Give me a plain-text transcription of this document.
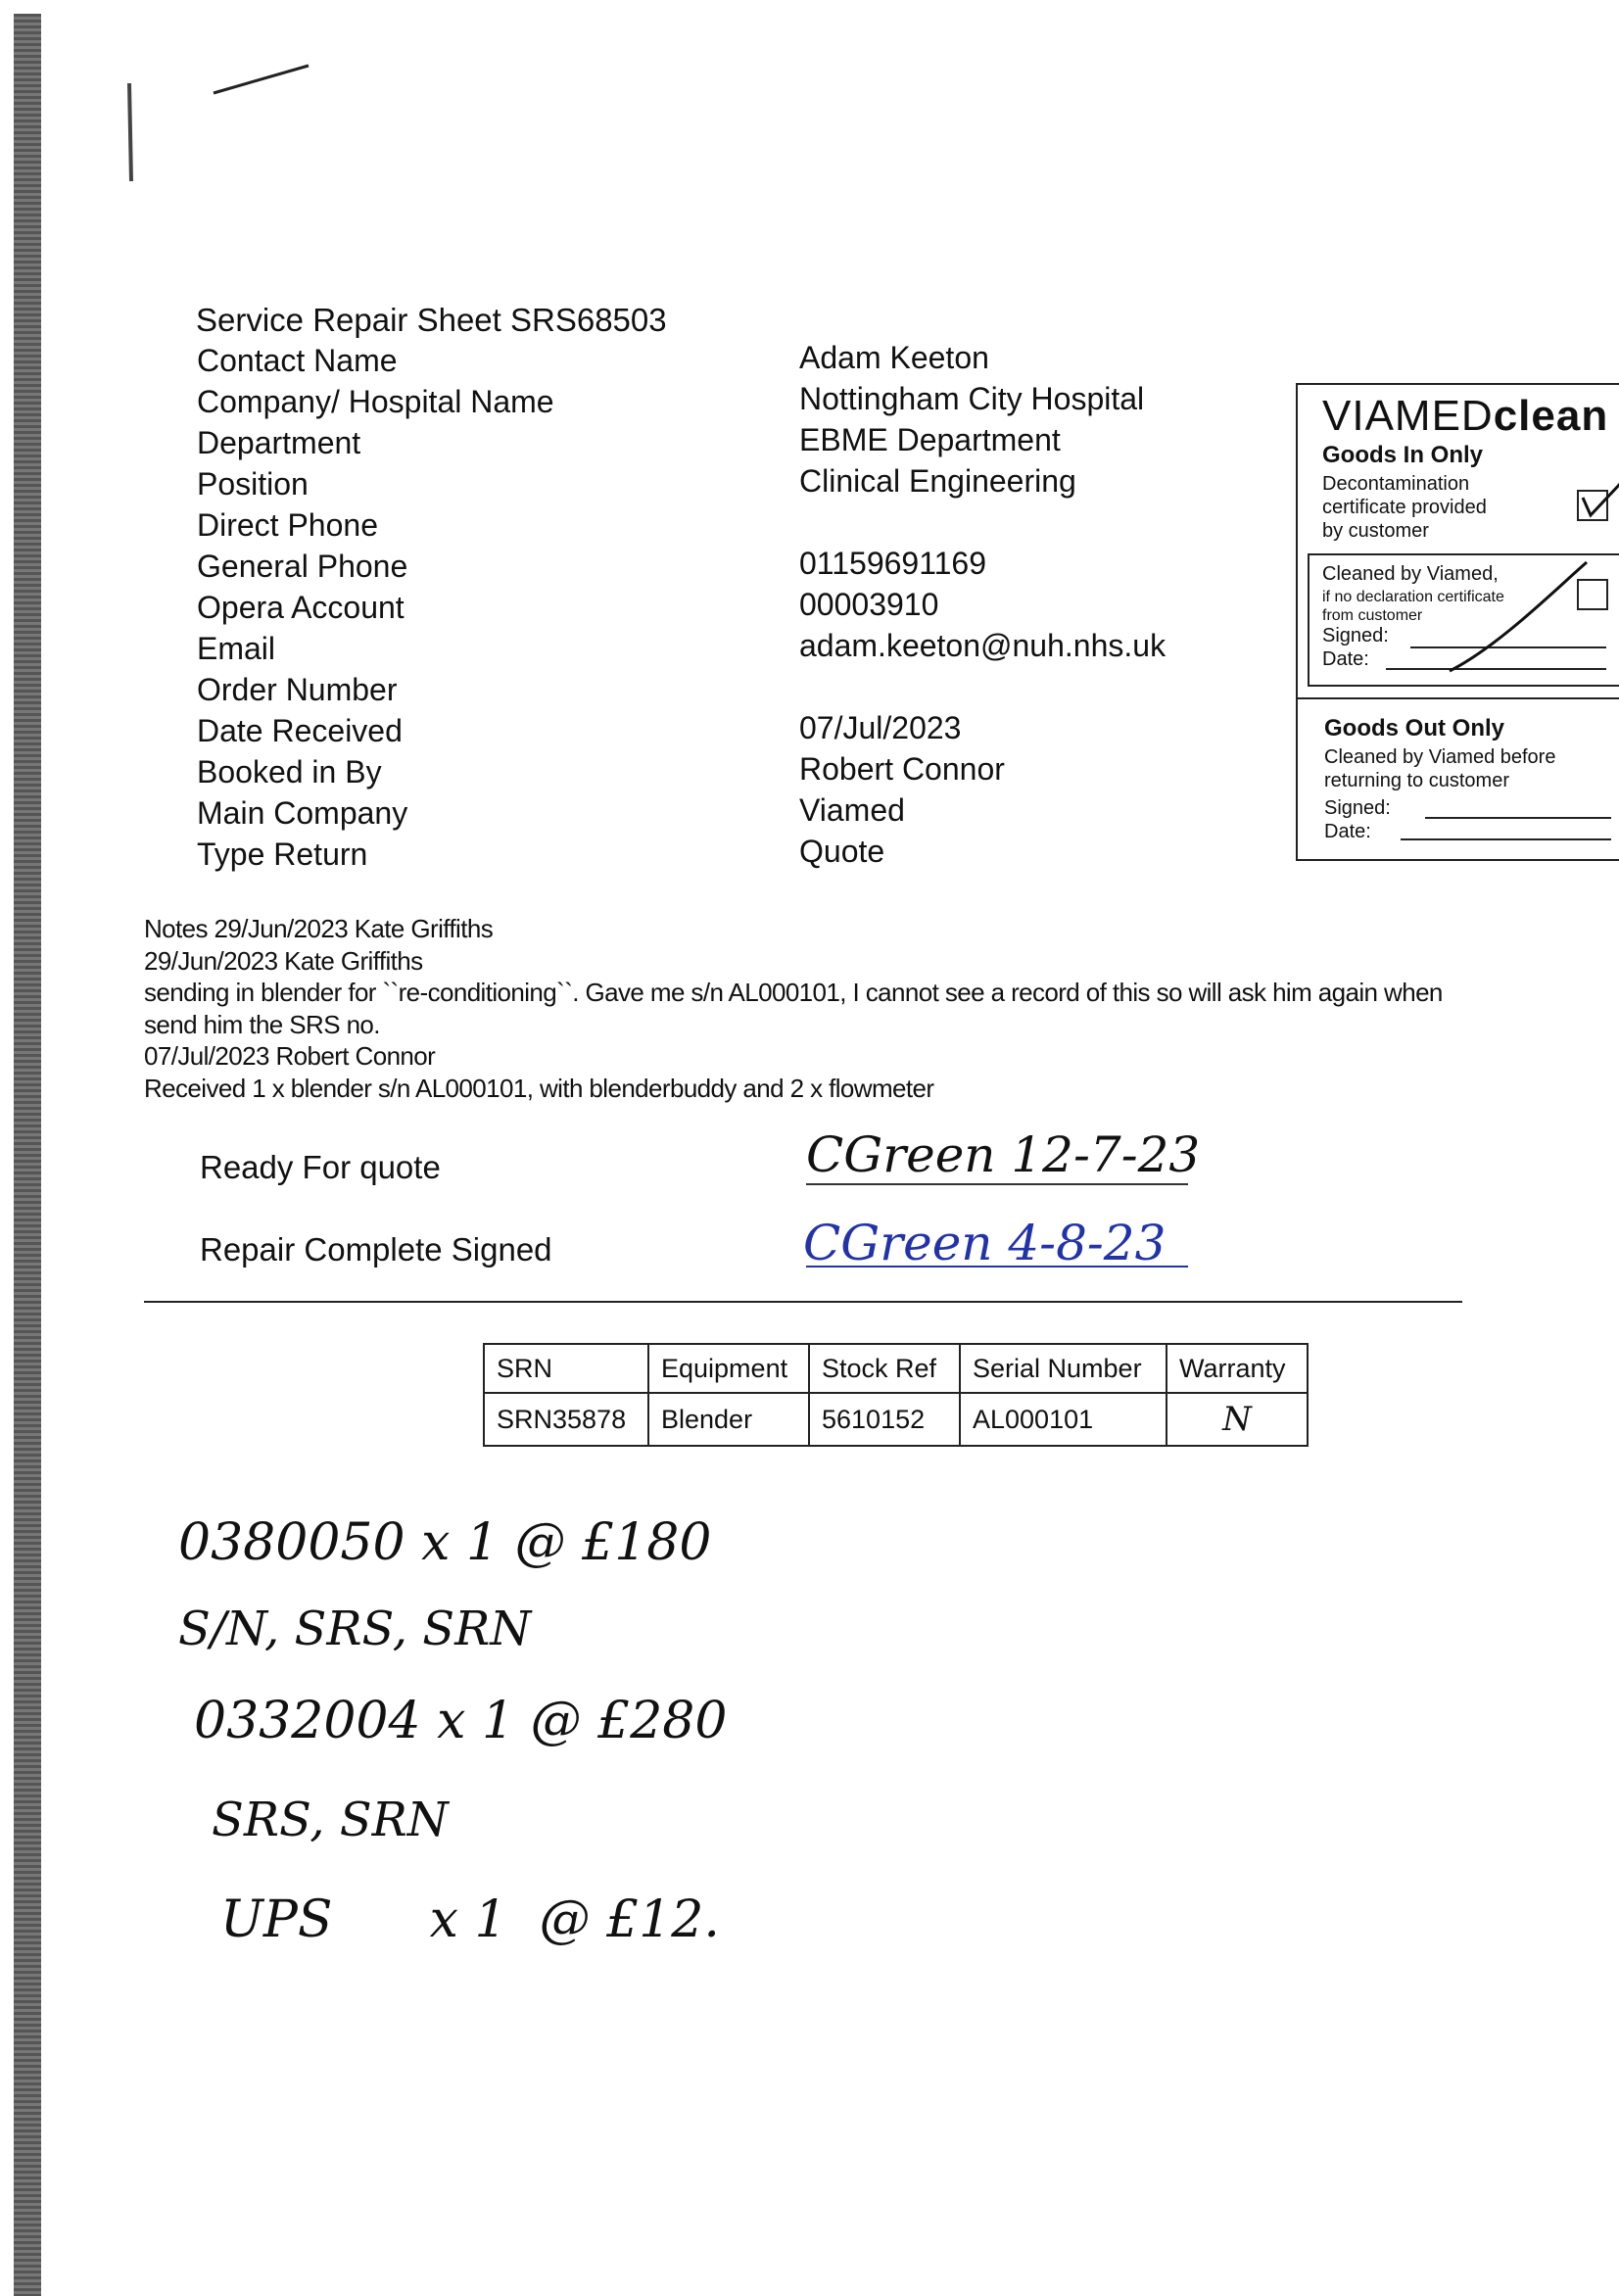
Service Repair Sheet SRS68503
Contact Name	Adam Keeton
Company/ Hospital Name	Nottingham City Hospital
Department	EBME Department
Position	Clinical Engineering
Direct Phone
General Phone	01159691169
Opera Account	00003910
Email	adam.keeton@nuh.nhs.uk
Order Number
Date Received	07/Jul/2023
Booked in By	Robert Connor
Main Company	Viamed
Type Return	Quote
VIAMEDclean
Goods In Only
Decontamination
certificate provided
by customer
Cleaned by Viamed,
if no declaration certificate
from customer
Signed:
Date:
Goods Out Only
Cleaned by Viamed before
returning to customer
Signed:
Date:
Notes 29/Jun/2023 Kate Griffiths
29/Jun/2023 Kate Griffiths
sending in blender for ``re-conditioning``. Gave me s/n AL000101, I cannot see a record of this so will ask him again when
send him the SRS no.
07/Jul/2023 Robert Connor
Received 1 x blender s/n AL000101, with blenderbuddy and 2 x flowmeter
Ready For quote	CGreen 12-7-23
Repair Complete Signed	CGreen 4-8-23
SRN	Equipment	Stock Ref	Serial Number	Warranty
SRN35878	Blender	5610152	AL000101	N
0380050 x 1 @ £180
S/N, SRS, SRN
0332004 x 1 @ £280
SRS, SRN
UPS      x 1  @ £12.
